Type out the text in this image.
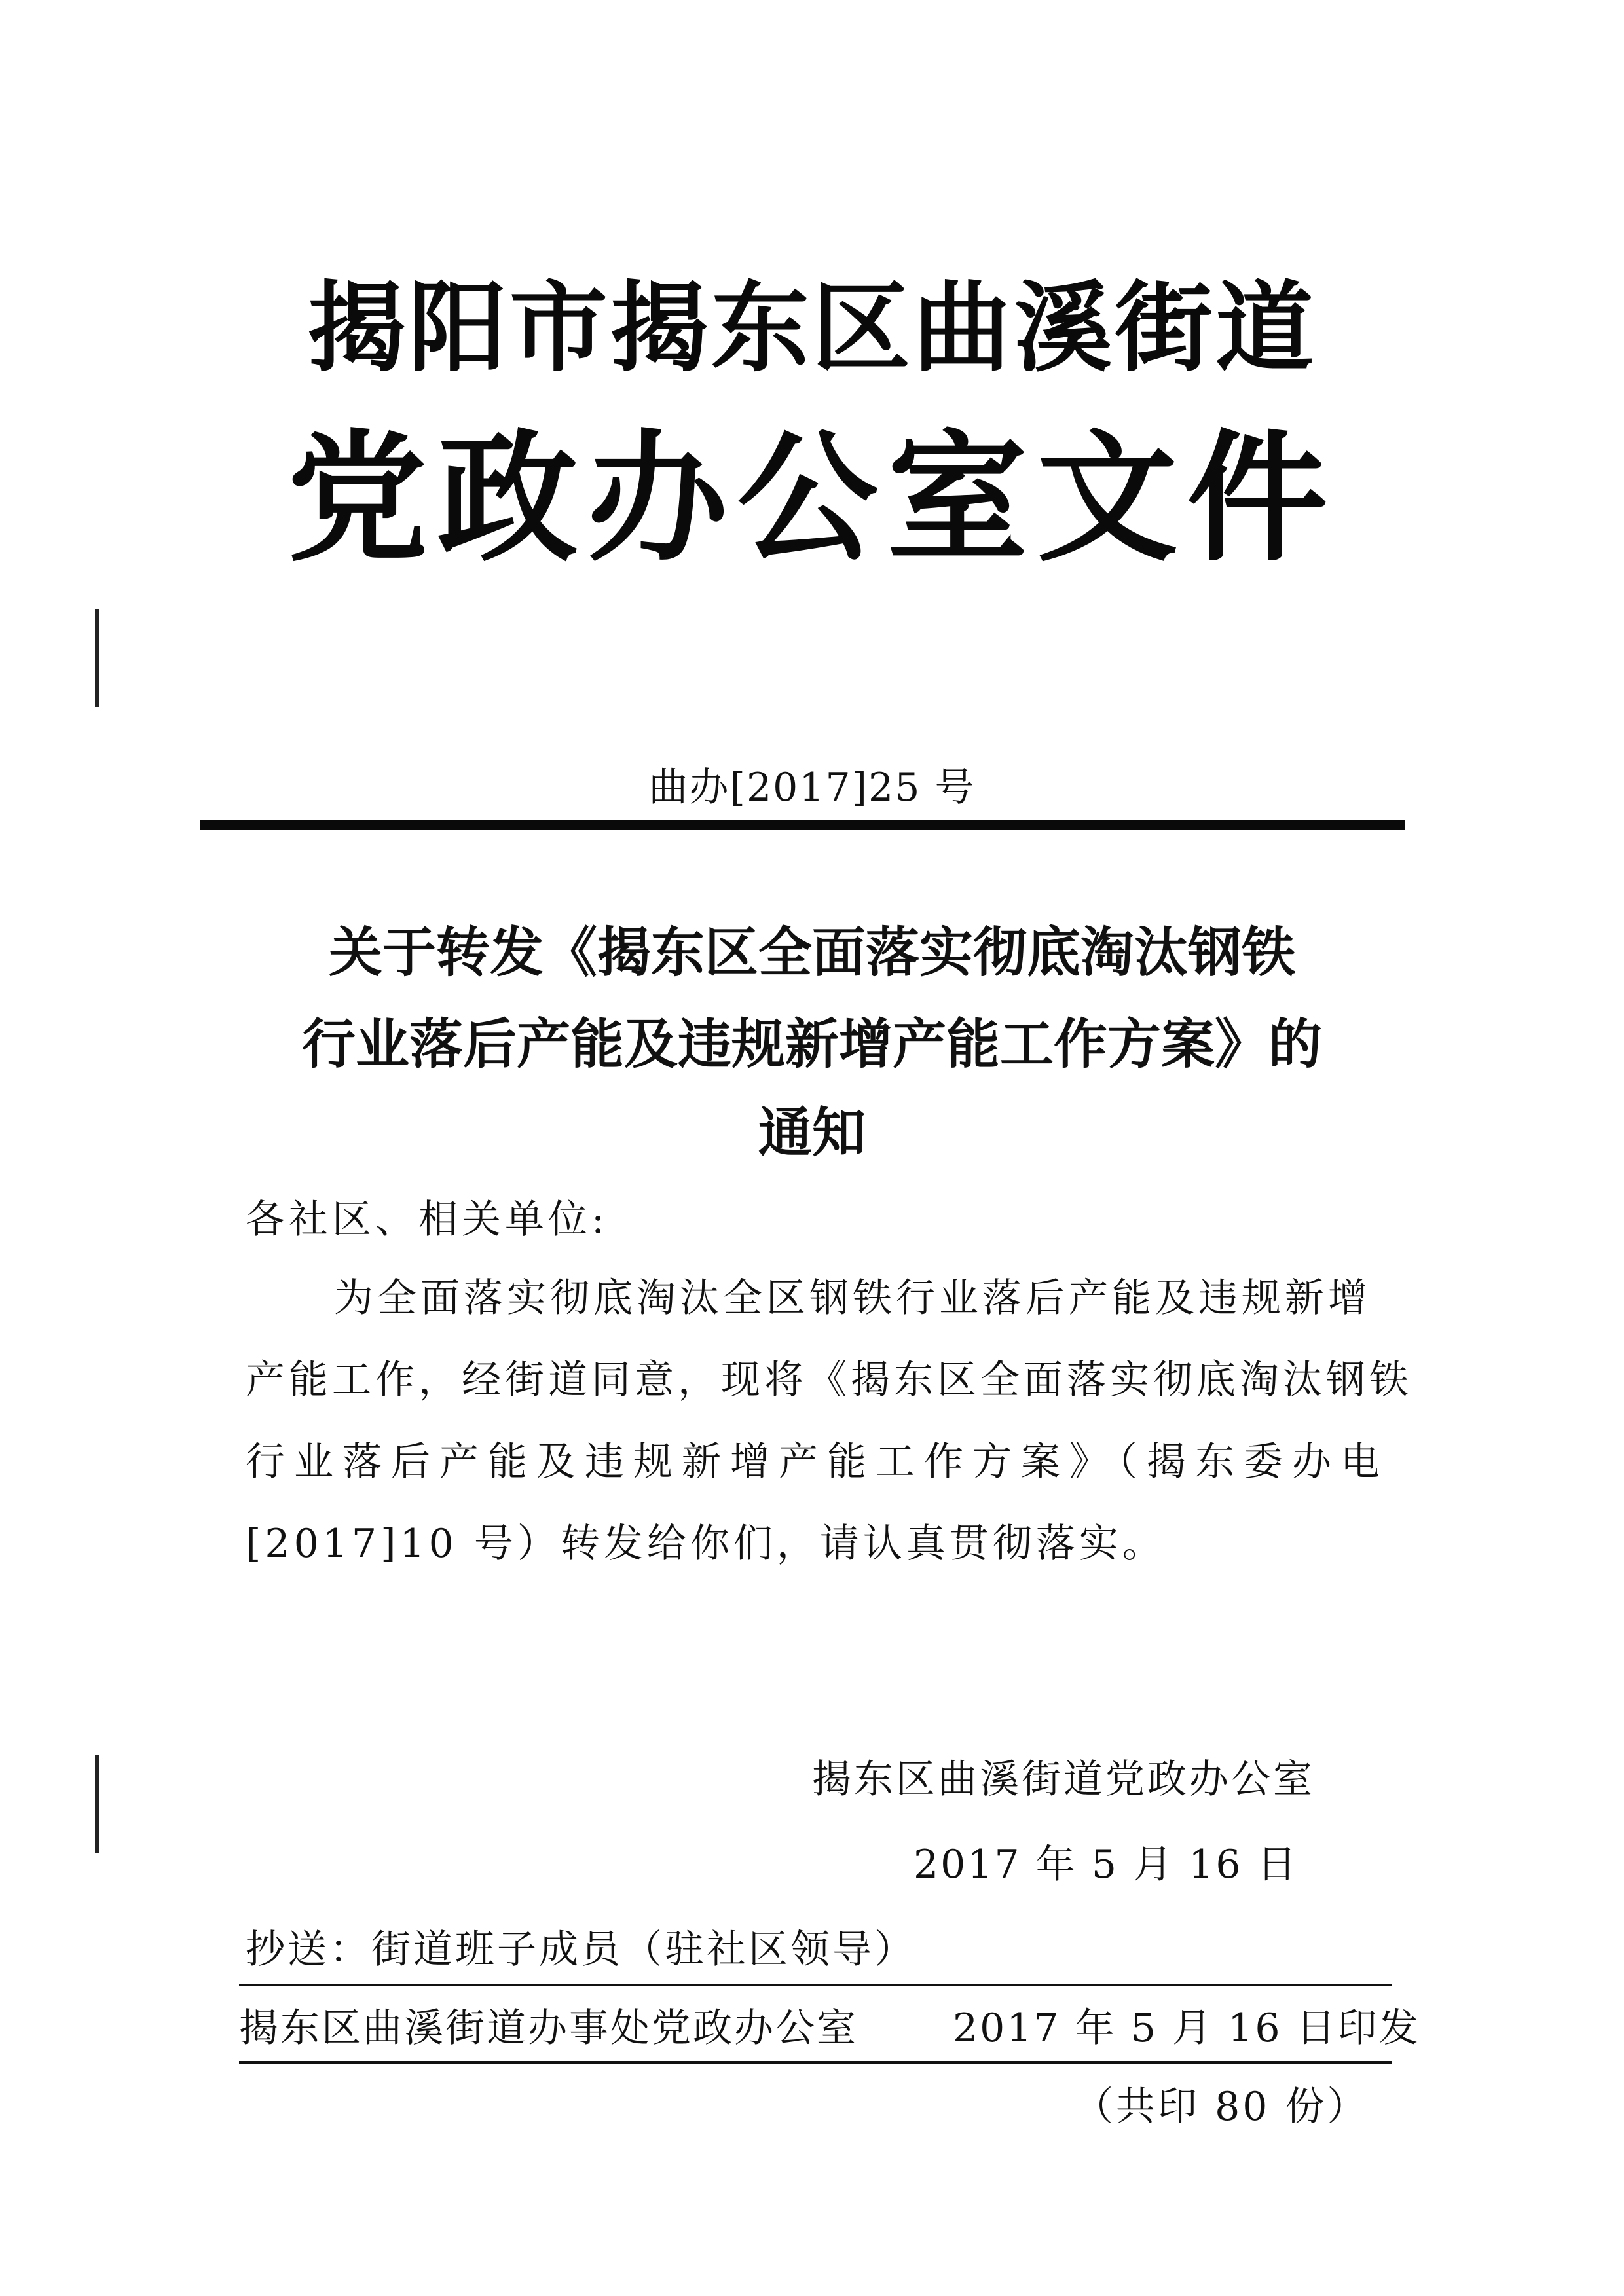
揭阳市揭东区曲溪街道
党政办公室文件
曲办[2017]25 号
关于转发《揭东区全面落实彻底淘汰钢铁
行业落后产能及违规新增产能工作方案》的
通知
各社区、相关单位:
为全面落实彻底淘汰全区钢铁行业落后产能及违规新增
产能工作，经街道同意，现将《揭东区全面落实彻底淘汰钢铁
行业落后产能及违规新增产能工作方案》（揭东委办电
[2017]10 号）转发给你们，请认真贯彻落实。
揭东区曲溪街道党政办公室
2017 年 5 月 16 日
抄送：街道班子成员（驻社区领导）
揭东区曲溪街道办事处党政办公室 2017 年 5 月 16 日印发
（共印 80 份）
